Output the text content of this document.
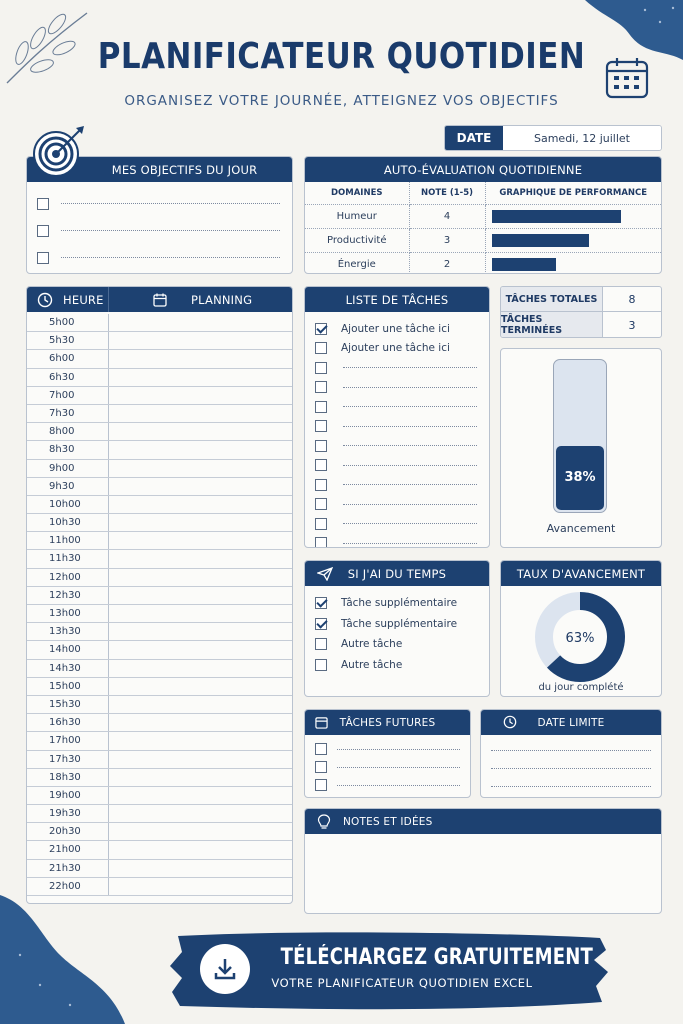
PLANIFICATEUR QUOTIDIEN
ORGANISEZ VOTRE JOURNÉE, ATTEIGNEZ VOS OBJECTIFS
DATE	Samedi, 12 juillet
MES OBJECTIFS DU JOUR	AUTO-ÉVALUATION QUOTIDIENNE
DOMAINES	NOTE (1-5)	GRAPHIQUE DE PERFORMANCE
Humeur	4	

Productivité	3	

Énergie	2	
HEURE	PLANNING
5h00
5h30
6h00
6h30
7h00
7h30
8h00
8h30
9h00
9h30
10h00
10h30
11h00
11h30
12h00
12h30
13h00
13h30
14h00
14h30
15h00
15h30
16h30
17h00
17h30
18h30
19h00
19h30
20h30
21h00
21h30
22h00
LISTE DE TÂCHES
Ajouter une tâche ici
Ajouter une tâche ici
TÂCHES TOTALES	8
TÂCHES TERMINÉES	3
38%
Avancement
SI J'AI DU TEMPS
Tâche supplémentaire
Tâche supplémentaire
Autre tâche
Autre tâche
TAUX D'AVANCEMENT
63%
du jour complété
TÂCHES FUTURES	DATE LIMITE
NOTES ET IDÉES
TÉLÉCHARGEZ GRATUITEMENT
VOTRE PLANIFICATEUR QUOTIDIEN EXCEL
